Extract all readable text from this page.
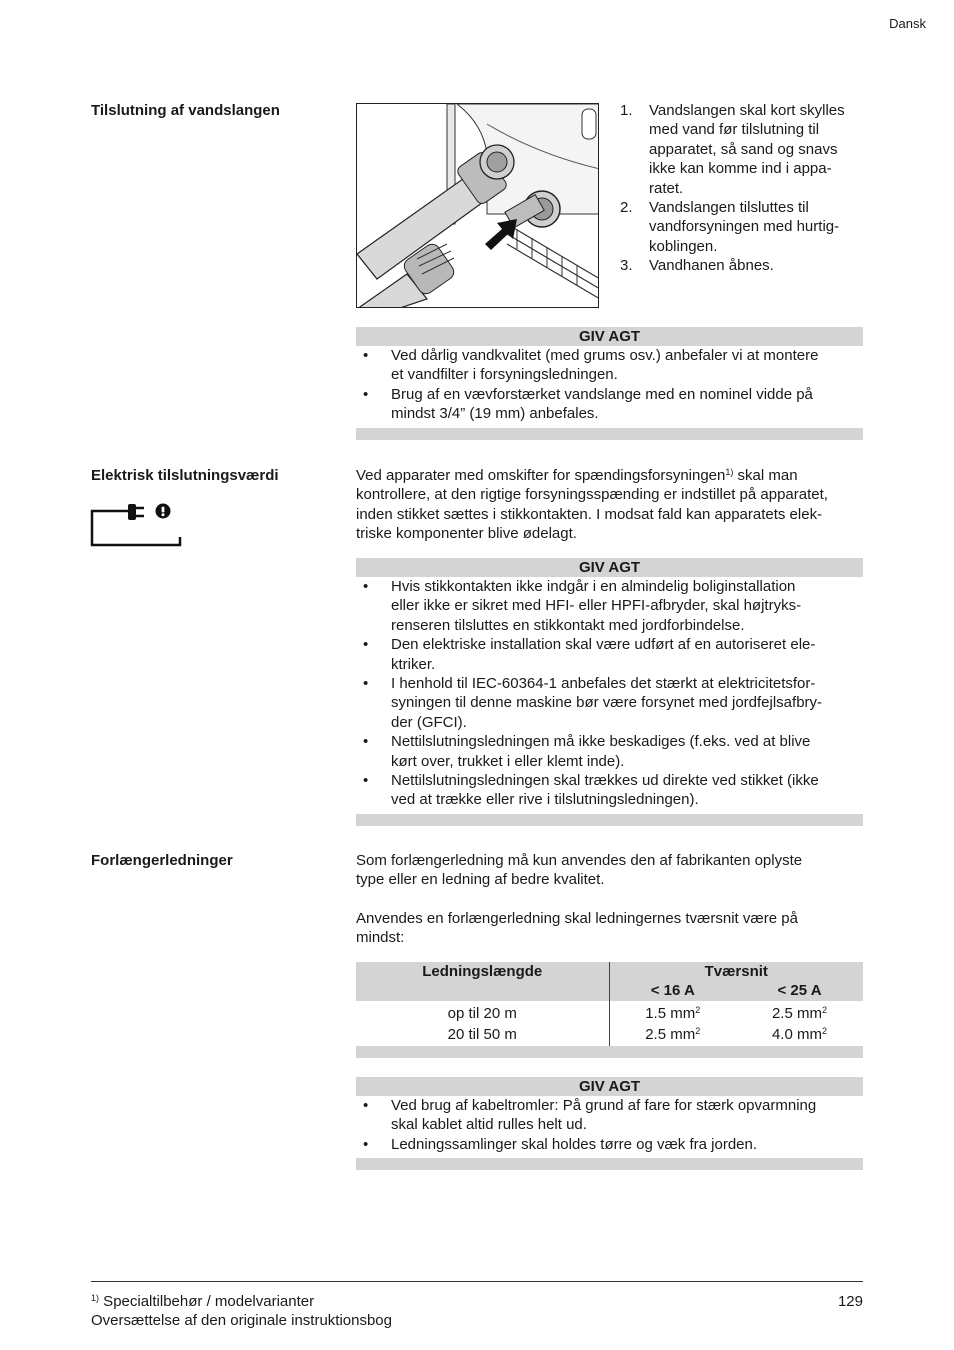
Dansk
Tilslutning af vandslangen	1. Vandslangen skal kort skylles
med vand før tilslutning til
apparatet, så sand og snavs
ikke kan komme ind i appa-
ratet.
2. Vandslangen tilsluttes til
vandforsyningen med hurtig-
koblingen.
3. Vandhanen åbnes.
GIV AGT
• Ved dårlig vandkvalitet (med grums osv.) anbefaler vi at montere
et vandfilter i forsyningsledningen.
• Brug af en vævforstærket vandslange med en nominel vidde på
mindst 3/4” (19 mm) anbefales.
Elektrisk tilslutningsværdi	Ved apparater med omskifter for spændingsforsyningen$^{1)}$ skal man
kontrollere, at den rigtige forsyningsspænding er indstillet på apparatet,
inden stikket sættes i stikkontakten. I modsat fald kan apparatets elek-
triske komponenter blive ødelagt.
GIV AGT
• Hvis stikkontakten ikke indgår i en almindelig boliginstallation
eller ikke er sikret med HFI- eller HPFI-afbryder, skal højtryks-
renseren tilsluttes en stikkontakt med jordforbindelse.
• Den elektriske installation skal være udført af en autoriseret ele-
ktriker.
• I henhold til IEC-60364-1 anbefales det stærkt at elektricitetsfor-
syningen til denne maskine bør være forsynet med jordfejlsafbry-
der (GFCI).
• Nettilslutningsledningen må ikke beskadiges (f.eks. ved at blive
kørt over, trukket i eller klemt inde).
• Nettilslutningsledningen skal trækkes ud direkte ved stikket (ikke
ved at trække eller rive i tilslutningsledningen).
Forlængerledninger	Som forlængerledning må kun anvendes den af fabrikanten oplyste
type eller en ledning af bedre kvalitet.
Anvendes en forlængerledning skal ledningernes tværsnit være på
mindst:
Ledningslængde	Tværsnit	
	< 16 A	< 25 A
op til 20 m	1.5 $mm^2$	2.5 $mm^2$
20 til 50 m	2.5 $mm^2$	4.0 $mm^2$
GIV AGT
• Ved brug af kabeltromler: På grund af fare for stærk opvarmning
skal kablet altid rulles helt ud.
• Ledningssamlinger skal holdes tørre og væk fra jorden.
$^{1)}$ Specialtilbehør / modelvarianter
Oversættelse af den originale instruktionsbog
129
